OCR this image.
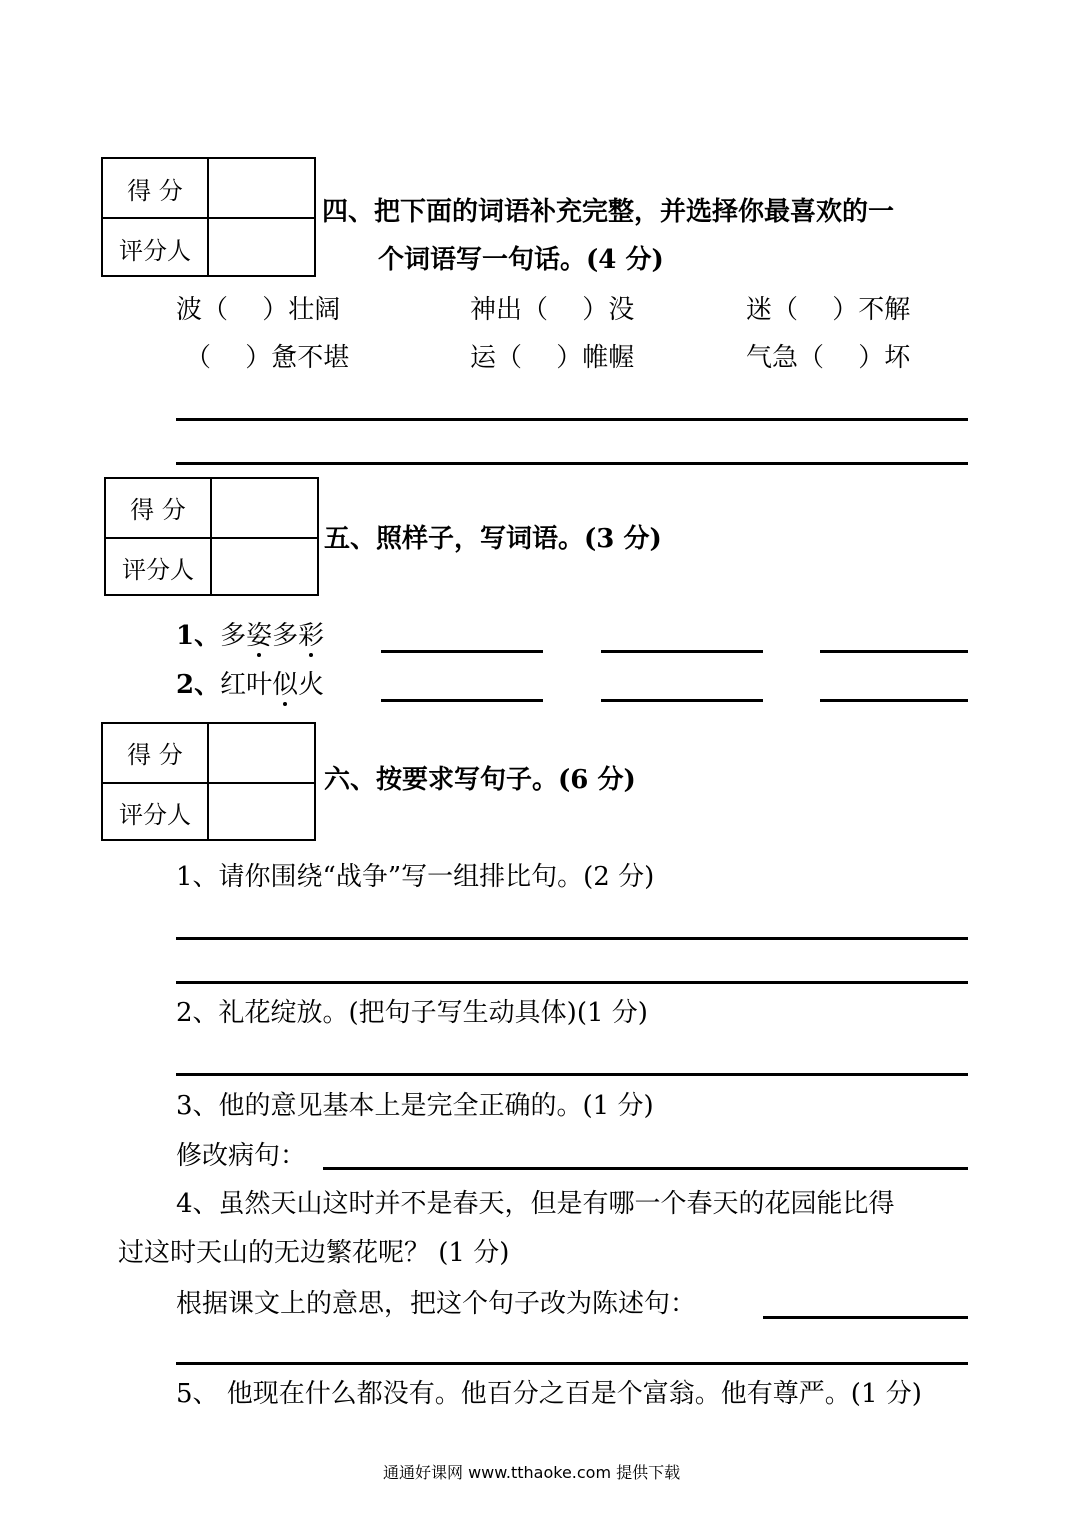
得 分
评分人
四、把下面的词语补充完整，并选择你最喜欢的一
个词语写一句话。(4 分)
波（　 ）壮阔	神出（　 ）没	迷（　 ）不解
（　 ）惫不堪	运（　 ）帷幄	气急（　 ）坏
得 分
评分人
五、照样子，写词语。(3 分)
1、多姿多彩
2、红叶似火
得 分
评分人
六、按要求写句子。(6 分)
1、请你围绕“战争”写一组排比句。(2 分)
2、礼花绽放。(把句子写生动具体)(1 分)
3、他的意见基本上是完全正确的。(1 分)
修改病句：
4、虽然天山这时并不是春天，但是有哪一个春天的花园能比得
过这时天山的无边繁花呢？ (1 分)
根据课文上的意思，把这个句子改为陈述句：
5、 他现在什么都没有。他百分之百是个富翁。他有尊严。(1 分)
通通好课网 www.tthaoke.com 提供下载
